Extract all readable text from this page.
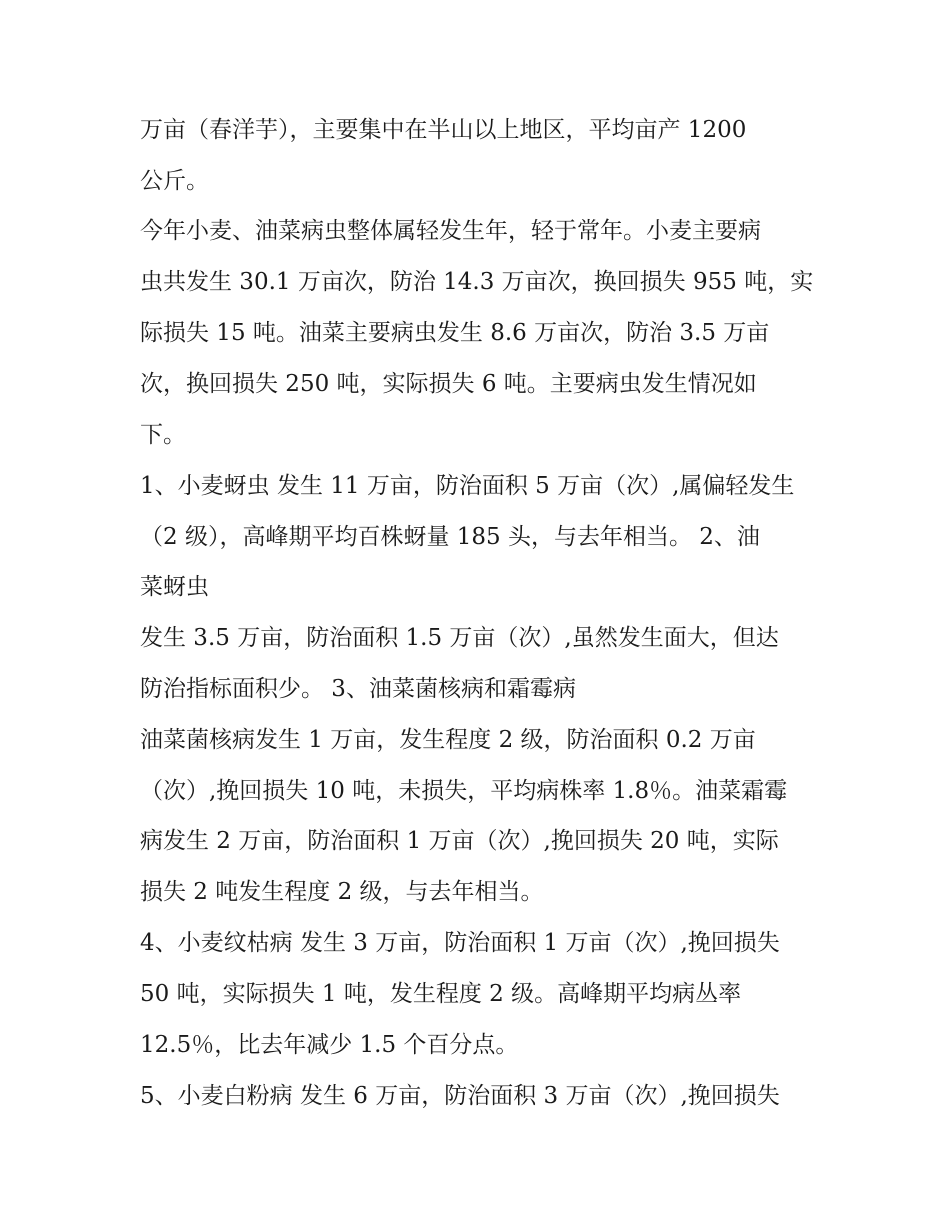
万亩（春洋芋），主要集中在半山以上地区，平均亩产 1200

公斤。

今年小麦、油菜病虫整体属轻发生年，轻于常年。小麦主要病

虫共发生 30.1 万亩次，防治 14.3 万亩次，换回损失 955 吨，实

际损失 15 吨。油菜主要病虫发生 8.6 万亩次，防治 3.5 万亩

次，换回损失 250 吨，实际损失 6 吨。主要病虫发生情况如

下。

1、小麦蚜虫 发生 11 万亩，防治面积 5 万亩（次）,属偏轻发生

（2 级），高峰期平均百株蚜量 185 头，与去年相当。 2、油

菜蚜虫

发生 3.5 万亩，防治面积 1.5 万亩（次）,虽然发生面大，但达

防治指标面积少。 3、油菜菌核病和霜霉病

油菜菌核病发生 1 万亩，发生程度 2 级，防治面积 0.2 万亩

（次）,挽回损失 10 吨，未损失，平均病株率 1.8％。油菜霜霉

病发生 2 万亩，防治面积 1 万亩（次）,挽回损失 20 吨，实际

损失 2 吨发生程度 2 级，与去年相当。

4、小麦纹枯病 发生 3 万亩，防治面积 1 万亩（次）,挽回损失

50 吨，实际损失 1 吨，发生程度 2 级。高峰期平均病丛率

12.5％，比去年减少 1.5 个百分点。

5、小麦白粉病 发生 6 万亩，防治面积 3 万亩（次）,挽回损失
